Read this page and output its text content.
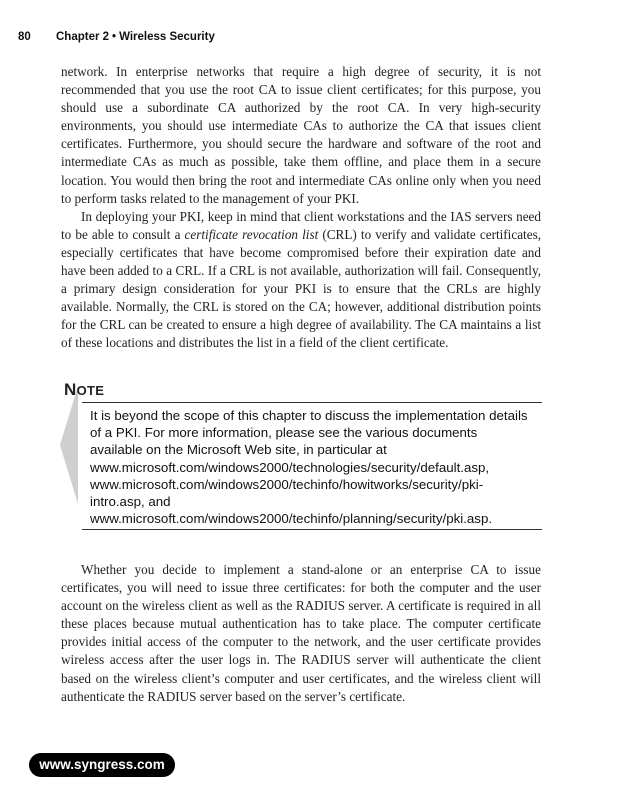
80 Chapter 2 • Wireless Security

network. In enterprise networks that require a high degree of security, it is not recommended that you use the root CA to issue client certificates; for this purpose, you should use a subordinate CA authorized by the root CA. In very high-security environments, you should use intermediate CAs to authorize the CA that issues client certificates. Furthermore, you should secure the hardware and software of the root and intermediate CAs as much as possible, take them offline, and place them in a secure location. You would then bring the root and intermediate CAs online only when you need to perform tasks related to the management of your PKI.

In deploying your PKI, keep in mind that client workstations and the IAS servers need to be able to consult a certificate revocation list (CRL) to verify and validate certificates, especially certificates that have become compromised before their expiration date and have been added to a CRL. If a CRL is not available, authorization will fail. Consequently, a primary design consideration for your PKI is to ensure that the CRLs are highly available. Normally, the CRL is stored on the CA; however, additional distribution points for the CRL can be created to ensure a high degree of availability. The CA maintains a list of these locations and distributes the list in a field of the client certificate.

NOTE
It is beyond the scope of this chapter to discuss the implementation details of a PKI. For more information, please see the various documents available on the Microsoft Web site, in particular at www.microsoft.com/windows2000/technologies/security/default.asp, www.microsoft.com/windows2000/techinfo/howitworks/security/pki-intro.asp, and www.microsoft.com/windows2000/techinfo/planning/security/pki.asp.

Whether you decide to implement a stand-alone or an enterprise CA to issue certificates, you will need to issue three certificates: for both the computer and the user account on the wireless client as well as the RADIUS server. A certificate is required in all these places because mutual authentication has to take place. The computer certificate provides initial access of the computer to the network, and the user certificate provides wireless access after the user logs in. The RADIUS server will authenticate the client based on the wireless client’s computer and user certificates, and the wireless client will authenticate the RADIUS server based on the server’s certificate.

www.syngress.com
